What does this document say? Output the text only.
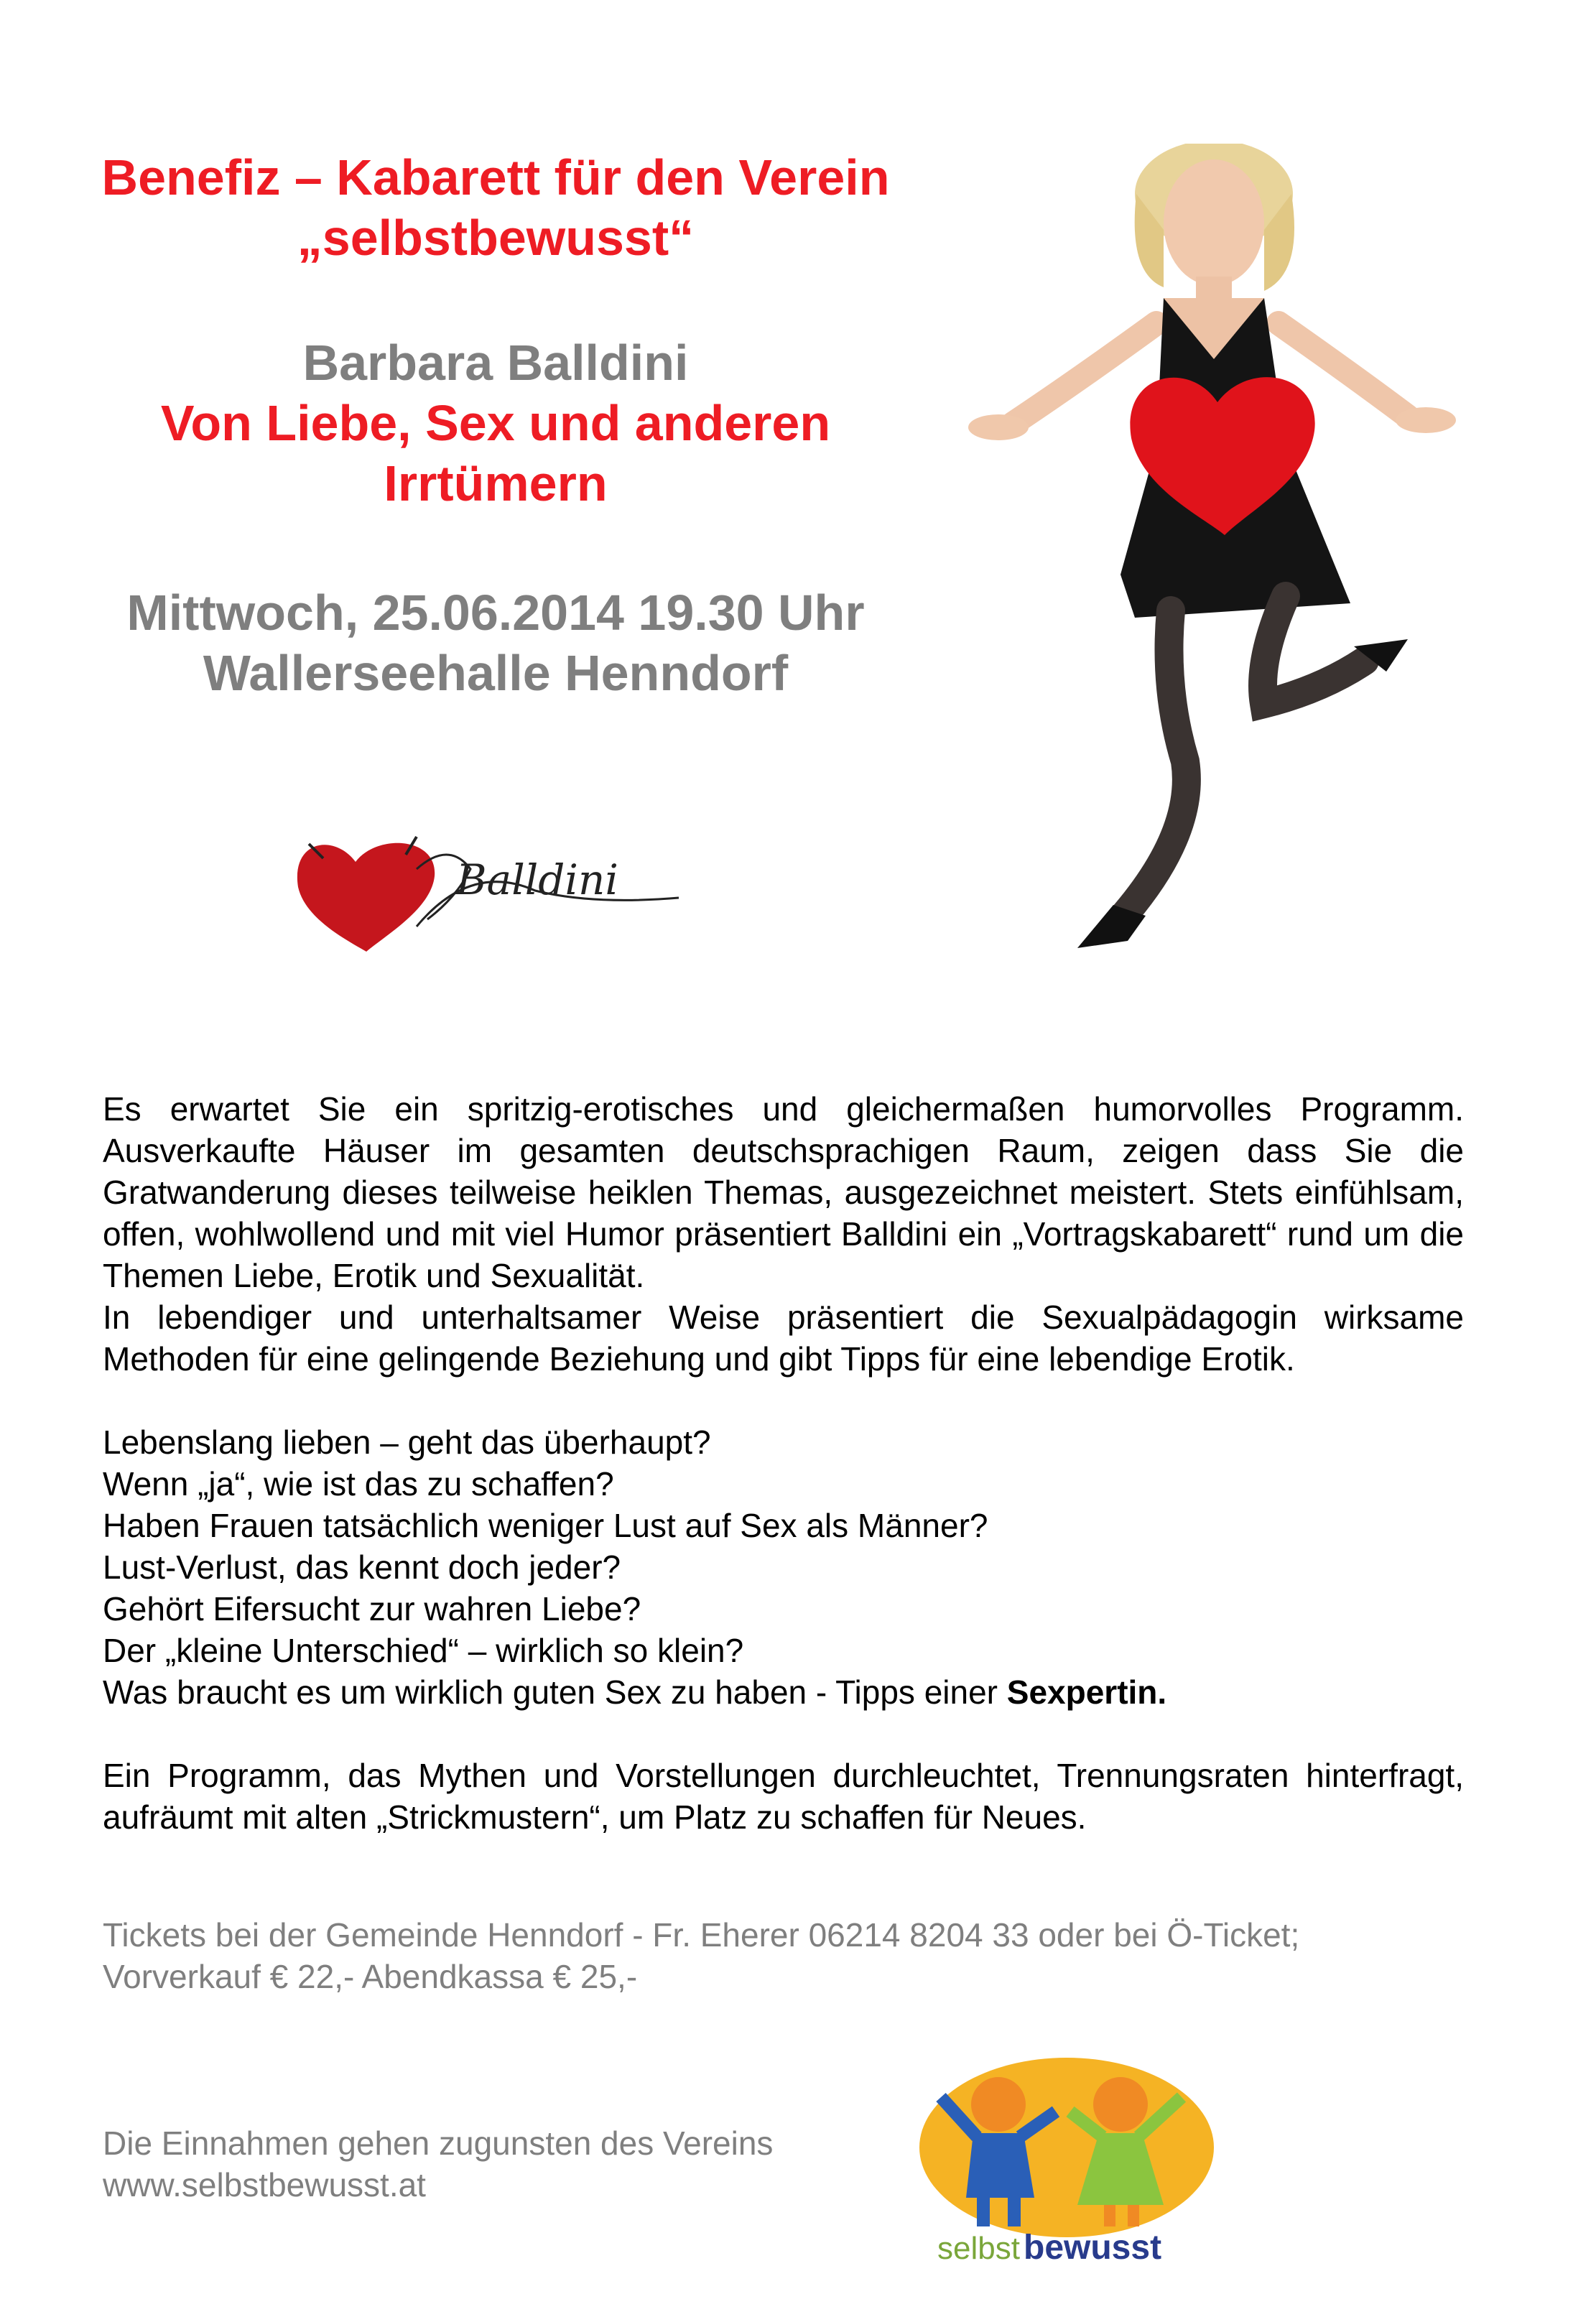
Benefiz – Kabarett für den Verein

„selbstbewusst“

Barbara Balldini

Von Liebe, Sex und anderen

Irrtümern

Mittwoch, 25.06.2014 19.30 Uhr

Wallerseehalle Henndorf

Balldini

Es erwartet Sie ein spritzig-erotisches und gleichermaßen humorvolles Programm. Ausverkaufte Häuser im gesamten deutschsprachigen Raum, zeigen dass Sie die Gratwanderung dieses teilweise heiklen Themas, ausgezeichnet meistert. Stets einfühlsam, offen, wohlwollend und mit viel Humor präsentiert Balldini ein „Vortragskabarett“ rund um die Themen Liebe, Erotik und Sexualität.

In lebendiger und unterhaltsamer Weise präsentiert die Sexualpädagogin wirksame Methoden für eine gelingende Beziehung und gibt Tipps für eine lebendige Erotik.

Lebenslang lieben – geht das überhaupt?

Wenn „ja“, wie ist das zu schaffen?

Haben Frauen tatsächlich weniger Lust auf Sex als Männer?

Lust-Verlust, das kennt doch jeder?

Gehört Eifersucht zur wahren Liebe?

Der „kleine Unterschied“ – wirklich so klein?

Was braucht es um wirklich guten Sex zu haben - Tipps einer Sexpertin.

Ein Programm, das Mythen und Vorstellungen durchleuchtet, Trennungsraten hinterfragt, aufräumt mit alten „Strickmustern“, um Platz zu schaffen für Neues.

Tickets bei der Gemeinde Henndorf - Fr. Eherer 06214 8204 33 oder bei Ö-Ticket;
Vorverkauf € 22,- Abendkassa € 25,-
Die Einnahmen gehen zugunsten des Vereins
www.selbstbewusst.at
selbst bewusst
